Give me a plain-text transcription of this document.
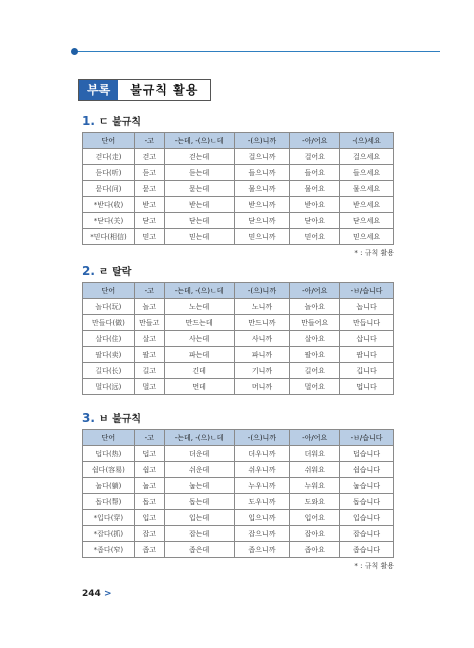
부록	불규칙 활용
1. ㄷ 불규칙
단어	-고	-는데, -(으)ㄴ데	-(으)니까	-아/어요	-(으)세요
걷다(走)	걷고	걷는데	걸으니까	걸어요	걸으세요
듣다(听)	듣고	듣는데	들으니까	들어요	들으세요
묻다(问)	묻고	묻는데	물으니까	물어요	물으세요
*받다(收)	받고	받는데	받으니까	받아요	받으세요
*닫다(关)	닫고	닫는데	닫으니까	닫아요	닫으세요
*믿다(相信)	믿고	믿는데	믿으니까	믿어요	믿으세요
* : 규칙 활용
2. ㄹ 탈락
단어	-고	-는데, -(으)ㄴ데	-(으)니까	-아/어요	-ㅂ/습니다
놀다(玩)	놀고	노는데	노니까	놀아요	놉니다
만들다(做)	만들고	만드는데	만드니까	만들어요	만듭니다
살다(住)	살고	사는데	사니까	살아요	삽니다
팔다(卖)	팔고	파는데	파니까	팔아요	팝니다
길다(长)	길고	긴데	기니까	길어요	깁니다
멀다(远)	멀고	먼데	머니까	멀어요	멉니다
3. ㅂ 불규칙
단어	-고	-는데, -(으)ㄴ데	-(으)니까	-아/어요	-ㅂ/습니다
덥다(热)	덥고	더운데	더우니까	더워요	덥습니다
쉽다(容易)	쉽고	쉬운데	쉬우니까	쉬워요	쉽습니다
눕다(躺)	눕고	눕는데	누우니까	누워요	눕습니다
돕다(帮)	돕고	돕는데	도우니까	도와요	돕습니다
*입다(穿)	입고	입는데	입으니까	입어요	입습니다
*잡다(抓)	잡고	잡는데	잡으니까	잡아요	잡습니다
*좁다(窄)	좁고	좁은데	좁으니까	좁아요	좁습니다
* : 규칙 활용
244 >
